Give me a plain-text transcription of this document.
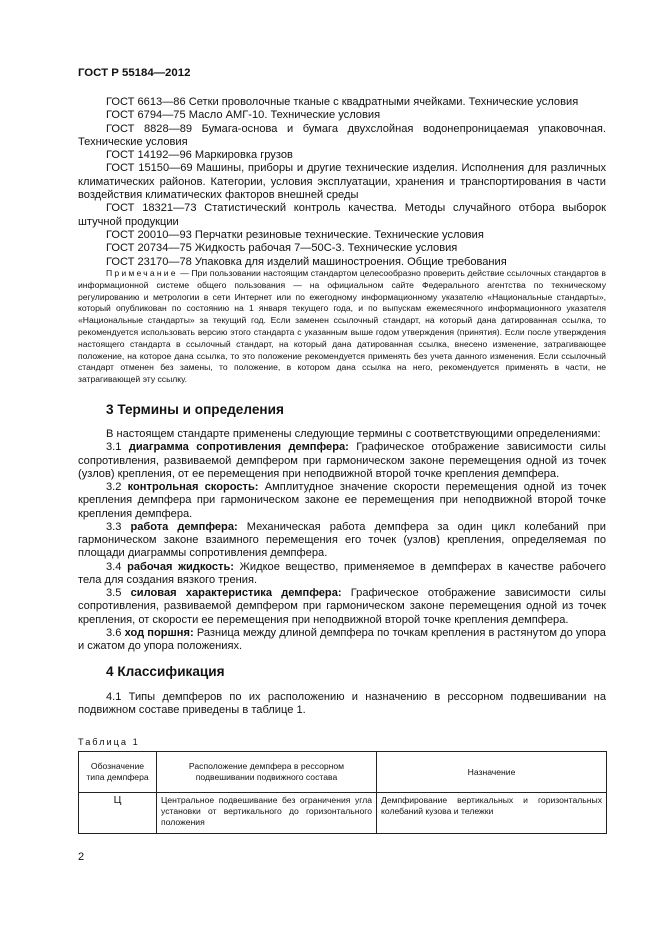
ГОСТ Р 55184—2012

ГОСТ 6613—86 Сетки проволочные тканые с квадратными ячейками. Технические условия

ГОСТ 6794—75 Масло АМГ-10. Технические условия

ГОСТ 8828—89 Бумага-основа и бумага двухслойная водонепроницаемая упаковочная. Технические условия

ГОСТ 14192—96 Маркировка грузов

ГОСТ 15150—69 Машины, приборы и другие технические изделия. Исполнения для различных климатических районов. Категории, условия эксплуатации, хранения и транспортирования в части воздействия климатических факторов внешней среды

ГОСТ 18321—73 Статистический контроль качества. Методы случайного отбора выборок штучной продукции

ГОСТ 20010—93 Перчатки резиновые технические. Технические условия

ГОСТ 20734—75 Жидкость рабочая 7—50С-3. Технические условия

ГОСТ 23170—78 Упаковка для изделий машиностроения. Общие требования

Примечание — При пользовании настоящим стандартом целесообразно проверить действие ссылочных стандартов в информационной системе общего пользования — на официальном сайте Федерального агентства по техническому регулированию и метрологии в сети Интернет или по ежегодному информационному указателю «Национальные стандарты», который опубликован по состоянию на 1 января текущего года, и по выпускам ежемесячного информационного указателя «Национальные стандарты» за текущий год. Если заменен ссылочный стандарт, на который дана датированная ссылка, то рекомендуется использовать версию этого стандарта с указанным выше годом утверждения (принятия). Если после утверждения настоящего стандарта в ссылочный стандарт, на который дана датированная ссылка, внесено изменение, затрагивающее положение, на которое дана ссылка, то это положение рекомендуется применять без учета данного изменения. Если ссылочный стандарт отменен без замены, то положение, в котором дана ссылка на него, рекомендуется применять в части, не затрагивающей эту ссылку.

3 Термины и определения

В настоящем стандарте применены следующие термины с соответствующими определениями:

3.1 диаграмма сопротивления демпфера: Графическое отображение зависимости силы сопротивления, развиваемой демпфером при гармоническом законе перемещения одной из точек (узлов) крепления, от ее перемещения при неподвижной второй точке крепления демпфера.

3.2 контрольная скорость: Амплитудное значение скорости перемещения одной из точек крепления демпфера при гармоническом законе ее перемещения при неподвижной второй точке крепления демпфера.

3.3 работа демпфера: Механическая работа демпфера за один цикл колебаний при гармоническом законе взаимного перемещения его точек (узлов) крепления, определяемая по площади диаграммы сопротивления демпфера.

3.4 рабочая жидкость: Жидкое вещество, применяемое в демпферах в качестве рабочего тела для создания вязкого трения.

3.5 силовая характеристика демпфера: Графическое отображение зависимости силы сопротивления, развиваемой демпфером при гармоническом законе перемещения одной из точек крепления, от скорости ее перемещения при неподвижной второй точке крепления демпфера.

3.6 ход поршня: Разница между длиной демпфера по точкам крепления в растянутом до упора и сжатом до упора положениях.

4 Классификация

4.1 Типы демпферов по их расположению и назначению в рессорном подвешивании на подвижном составе приведены в таблице 1.

Таблица 1
Обозначение типа демпфера	Расположение демпфера в рессорном подвешивании подвижного состава	Назначение
Ц	Центральное подвешивание без ограничения угла установки от вертикального до горизонтального положения	Демпфирование вертикальных и горизонтальных колебаний кузова и тележки
2
